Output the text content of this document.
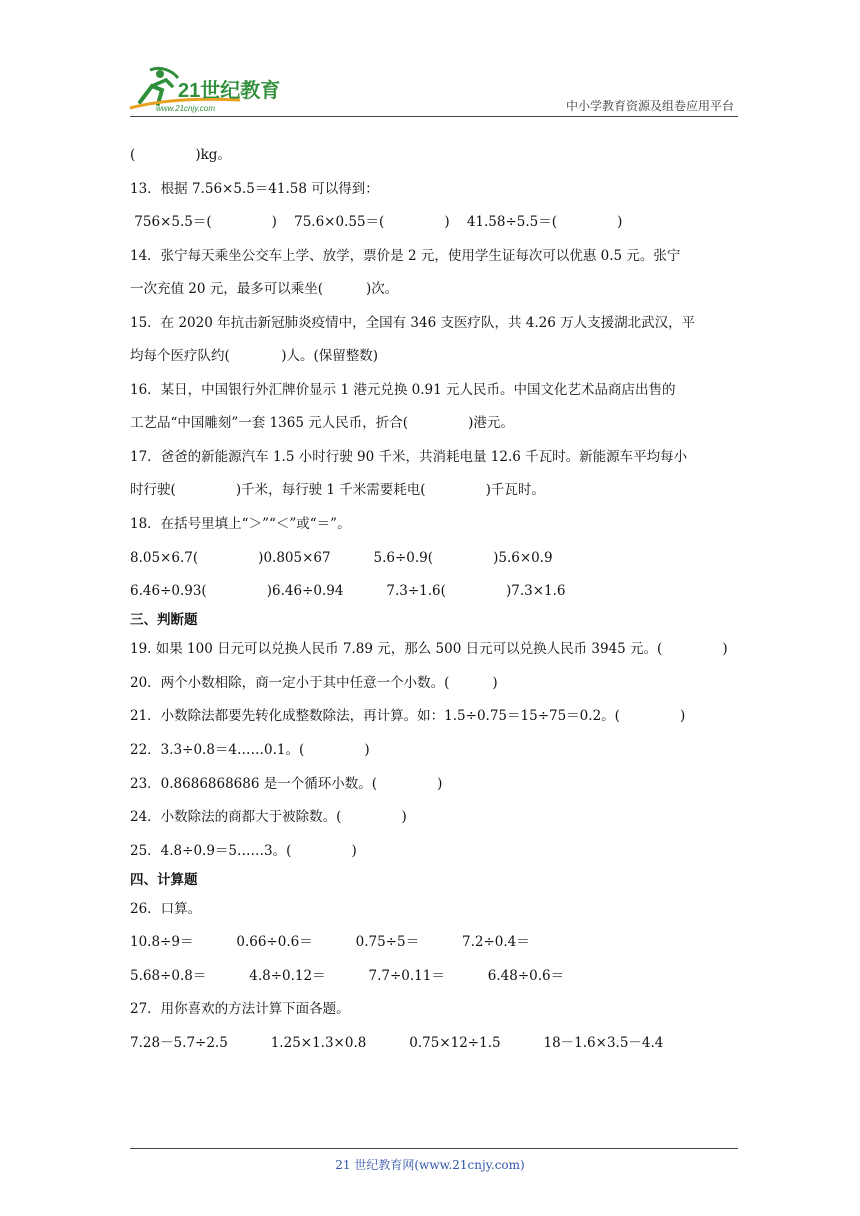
21世纪教育
www.21cnjy.com	中小学教育资源及组卷应用平台
(              )kg。
13．根据 7.56×5.5＝41.58 可以得到：
756×5.5＝(              )    75.6×0.55＝(              )    41.58÷5.5＝(              )
14．张宁每天乘坐公交车上学、放学，票价是 2 元，使用学生证每次可以优惠 0.5 元。张宁
一次充值 20 元，最多可以乘坐(          )次。
15．在 2020 年抗击新冠肺炎疫情中，全国有 346 支医疗队，共 4.26 万人支援湖北武汉，平
均每个医疗队约(            )人。(保留整数)
16．某日，中国银行外汇牌价显示 1 港元兑换 0.91 元人民币。中国文化艺术品商店出售的
工艺品“中国雕刻”一套 1365 元人民币，折合(              )港元。
17．爸爸的新能源汽车 1.5 小时行驶 90 千米，共消耗电量 12.6 千瓦时。新能源车平均每小
时行驶(              )千米，每行驶 1 千米需要耗电(              )千瓦时。
18．在括号里填上“＞”“＜”或“＝”。
8.05×6.7(              )0.805×67          5.6÷0.9(              )5.6×0.9
6.46÷0.93(              )6.46÷0.94          7.3÷1.6(              )7.3×1.6
三、判断题
19. 如果 100 日元可以兑换人民币 7.89 元，那么 500 日元可以兑换人民币 3945 元。(              )
20．两个小数相除，商一定小于其中任意一个小数。(          )
21．小数除法都要先转化成整数除法，再计算。如：1.5÷0.75＝15÷75＝0.2。(              )
22．3.3÷0.8＝4……0.1。(              )
23．0.8686868686 是一个循环小数。(              )
24．小数除法的商都大于被除数。(              )
25．4.8÷0.9＝5……3。(              )
四、计算题
26．口算。
10.8÷9＝          0.66÷0.6＝          0.75÷5＝          7.2÷0.4＝
5.68÷0.8＝          4.8÷0.12＝          7.7÷0.11＝          6.48÷0.6＝
27．用你喜欢的方法计算下面各题。
7.28－5.7÷2.5          1.25×1.3×0.8          0.75×12÷1.5          18－1.6×3.5－4.4
21 世纪教育网(www.21cnjy.com)
